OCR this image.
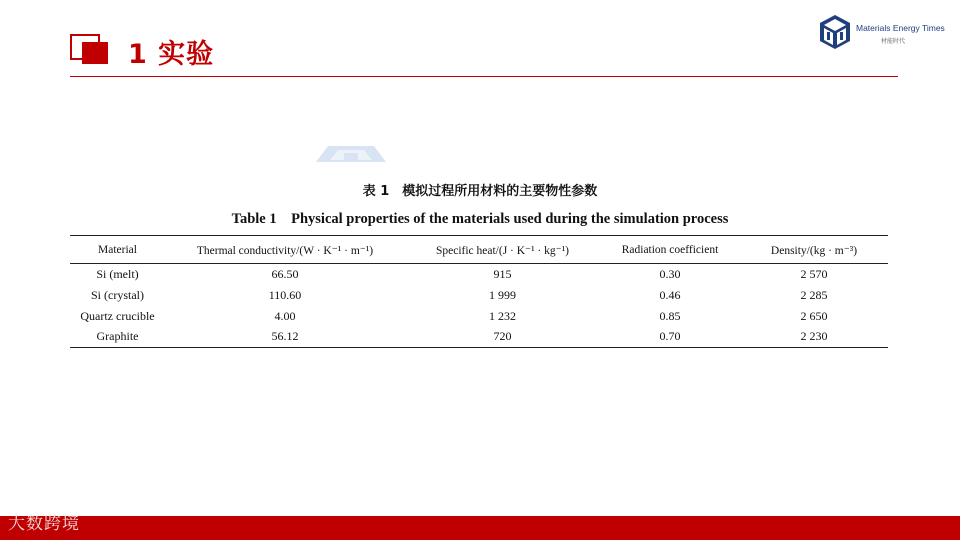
1 实验
Materials Energy Times
材能时代
表 1　模拟过程所用材料的主要物性参数
Table 1　Physical properties of the materials used during the simulation process
Material	Thermal conductivity/(W · K⁻¹ · m⁻¹)	Specific heat/(J · K⁻¹ · kg⁻¹)	Radiation coefficient	Density/(kg · m⁻³)
Si (melt)	66.50	915	0.30	2 570
Si (crystal)	110.60	1 999	0.46	2 285
Quartz crucible	4.00	1 232	0.85	2 650
Graphite	56.12	720	0.70	2 230
大数跨境
